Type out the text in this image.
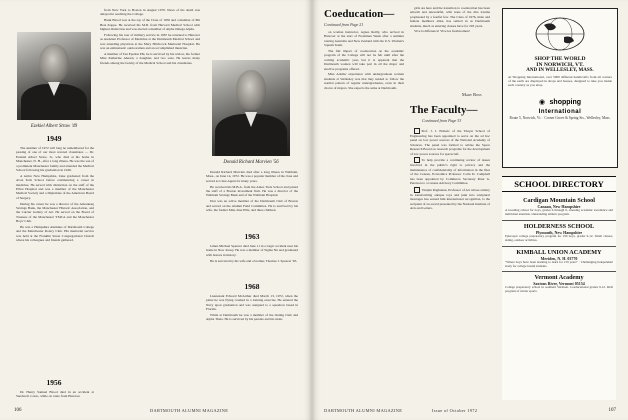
Ezekiel Albert Straw '49
1949

The summer of 1972 will long be remembered for the passing of one of our most revered classmates — Dr. Ezekiel Albert Straw, Jr., who died at his home in Manchester, N. H., after a long illness. He was the son of a prominent Manchester family and attended the Medical School following his graduation in 1949.

A native New Hampshire, Zeke graduated from the Avon Tech School before commencing a career in medicine. He served with distinction on the staff of the Elliot Hospital and was a member of the Manchester Medical Society and a Diplomate of the American Board of Surgery.

During his career he was a director of the Amoskeag Savings Bank, the Manchester Historic Association, and the Currier Gallery of Art. He served on the Board of Trustees of the Manchester YMCA and the Manchester Boys' Club.

He was a Hampshire Alumnus of Dartmouth College and the Manchester Rotary Club. His memorial service was held at the Franklin Street Congregational Church where his colleagues and friends gathered.

1956

Dr. Henry Samuel Blood died in an accident at Sandwell, Conn., while on route from Hanover.

from New York to Boston in August 1970. News of his death was delayed in reaching the College.

Hank Blood was at the top of the Class of 1956 and a member of Phi Beta Kappa. He received his M.D. from Harvard Medical School with highest distinction and was elected a member of Alpha Omega Alpha.

Following his tour of military service in 1967 he returned to Hanover as Assistant Professor of Medicine at the Dartmouth Medical School and was attending physician at the Mary Hitchcock Memorial Hospital. He was an enthusiastic outdoorsman and an accomplished musician.

A member of Tau Epsilon Phi, he is survived by his widow, the former Miss Katherine Ahearn, a daughter, and two sons. He leaves many friends among the faculty of the Medical School and his classmates.

Donald Richard Marvien '56

Donald Richard Marvien died after a long illness in Waltham, Mass., on June 14, 1972. He was a popular member of the class and served as Class Agent for many years.

He received his M.B.A. from the Amos Tuck School and joined the staff of a Boston investment firm. He was a director of the Waltham Savings Bank and of the Waltham Hospital.

Don was an active member of the Dartmouth Club of Boston and served on the Alumni Fund Committee. He is survived by his wife, the former Miss Jane Ellis, and three children.

1963

James Michael Spencer died June 11 in a tragic accident near his home in New Jersey. He was a member of Sigma Nu and graduated with honors in history.

He is survived by his wife and a brother, Thomas J. Spencer '65.

1968

Lieutenant Edward McArthur died March 13, 1972, when the plane he was flying crashed in a training exercise. He entered the Navy upon graduation and was assigned to a squadron based in Florida.

While at Dartmouth he was a member of the Outing Club and Alpha Theta. He is survived by his parents and his sister.

106	DARTMOUTH ALUMNI MAGAZINE
Coeducation—
Continued from Page 21

on woman instructor, Agnes Reilly, who arrived in Hanover at the start of Freshman Week after a summer touring Australia and New Zealand with the U.S. Women's Squash Team.

The full impact of coeducation on the academic program of the College will not be felt until after the coming academic year, but it is apparent that the Dartmouth women will take part in all the major and elective programs offered.

Miss Adams' experience with undergraduate women students at Wellesley was that they tended to follow the normal pattern of regular undergraduates, even in their choice of majors. She expects the same at Dartmouth.

girls are here and the transition to coeducation has been smooth and uneventful, with none of the dire trauma prophesied by a fearful few. The Class of 1976, male and female members alike, has settled in as Dartmouth students, much as entering classes have for 203 years.

Vive la difference! Vive les freshwomen!

Mary Ross
The Faculty—
Continued from Page 33

Prof. J. J. Ermenc of the Thayer School of Engineering has been appointed to serve on the ad hoc panel on low power sources of the National Academy of Sciences. The panel was formed to advise the Space Research Board on research programs for the development of low power sources for spacecraft.

To help provide a continuing review of issues involved in the public's right to privacy and the maintenance of confidentiality of information in the files of the Census, Economics Professor Colin D. Campbell has been appointed by Commerce Secretary Peter G. Peterson to a Census Advisory Committee.

Vanijan Raghunan, Professor of Art whose artistry in transforming antique toys and junk into sculptural montages has earned him international recognition, is the recipient of an award presented by the National Institute of Arts and Letters.

SHOP THE WORLD
IN NORWICH, VT.
AND IN WELLESLEY, MASS.
At Shopping International, over 5000 different handicrafts from all corners of the earth are displayed in shops and houses, designed to take you inside each country as you shop.
◉ shopping
International
Route 5, Norwich, Vt. · Corner Grove & Spring Sts., Wellesley, Mass.
SCHOOL DIRECTORY
Cardigan Mountain School
Canaan, New Hampshire
A boarding school for boys, grades 6 through 9, stressing academic excellence and individual attention. Outstanding athletic program.
HOLDERNESS SCHOOL
Plymouth, New Hampshire
Episcopal college preparatory program for 190 boys, grades 9-12. Small classes, skiing, outdoor activities.
KIMBALL UNION ACADEMY
Meriden, N. H. 03770
"Where boys have been learning to learn for 159 years" · Challenging independent study for college bound students.
Vermont Academy
Saxtons River, Vermont 05154
College preparatory school in southern Vermont. Coeducational grades 9-12. Rich program of winter sports.
DARTMOUTH ALUMNI MAGAZINE	Issue of October 1972	107
